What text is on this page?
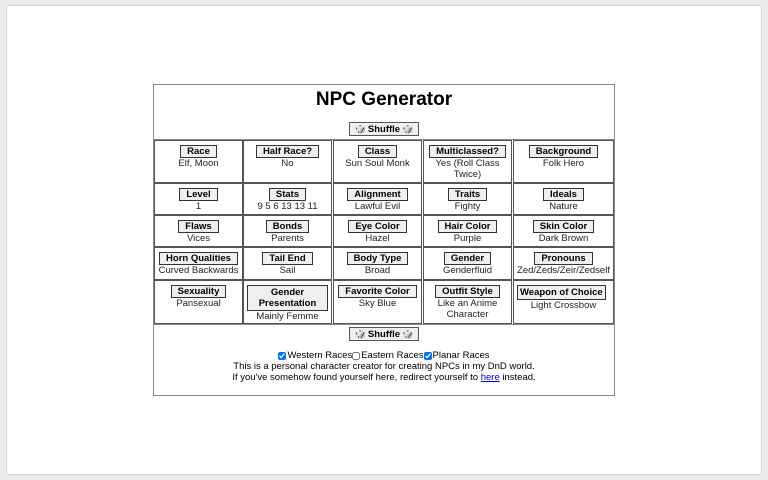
NPC Generator
🎲 Shuffle 🎲
Race
Elf, Moon
Half Race?
No
Class
Sun Soul Monk
Multiclassed?
Yes (Roll Class Twice)
Background
Folk Hero
Level
1
Stats
9 5 6 13 13 11
Alignment
Lawful Evil
Traits
Fighty
Ideals
Nature
Flaws
Vices
Bonds
Parents
Eye Color
Hazel
Hair Color
Purple
Skin Color
Dark Brown
Horn Qualities
Curved Backwards
Tail End
Sail
Body Type
Broad
Gender
Genderfluid
Pronouns
Zed/Zeds/Zeir/Zedself
Sexuality
Pansexual
Gender Presentation
Mainly Femme
Favorite Color
Sky Blue
Outfit Style
Like an Anime Character
Weapon of Choice
Light Crossbow
🎲 Shuffle 🎲
Western Races Eastern Races Planar Races
This is a personal character creator for creating NPCs in my DnD world.
If you've somehow found yourself here, redirect yourself to here instead.
